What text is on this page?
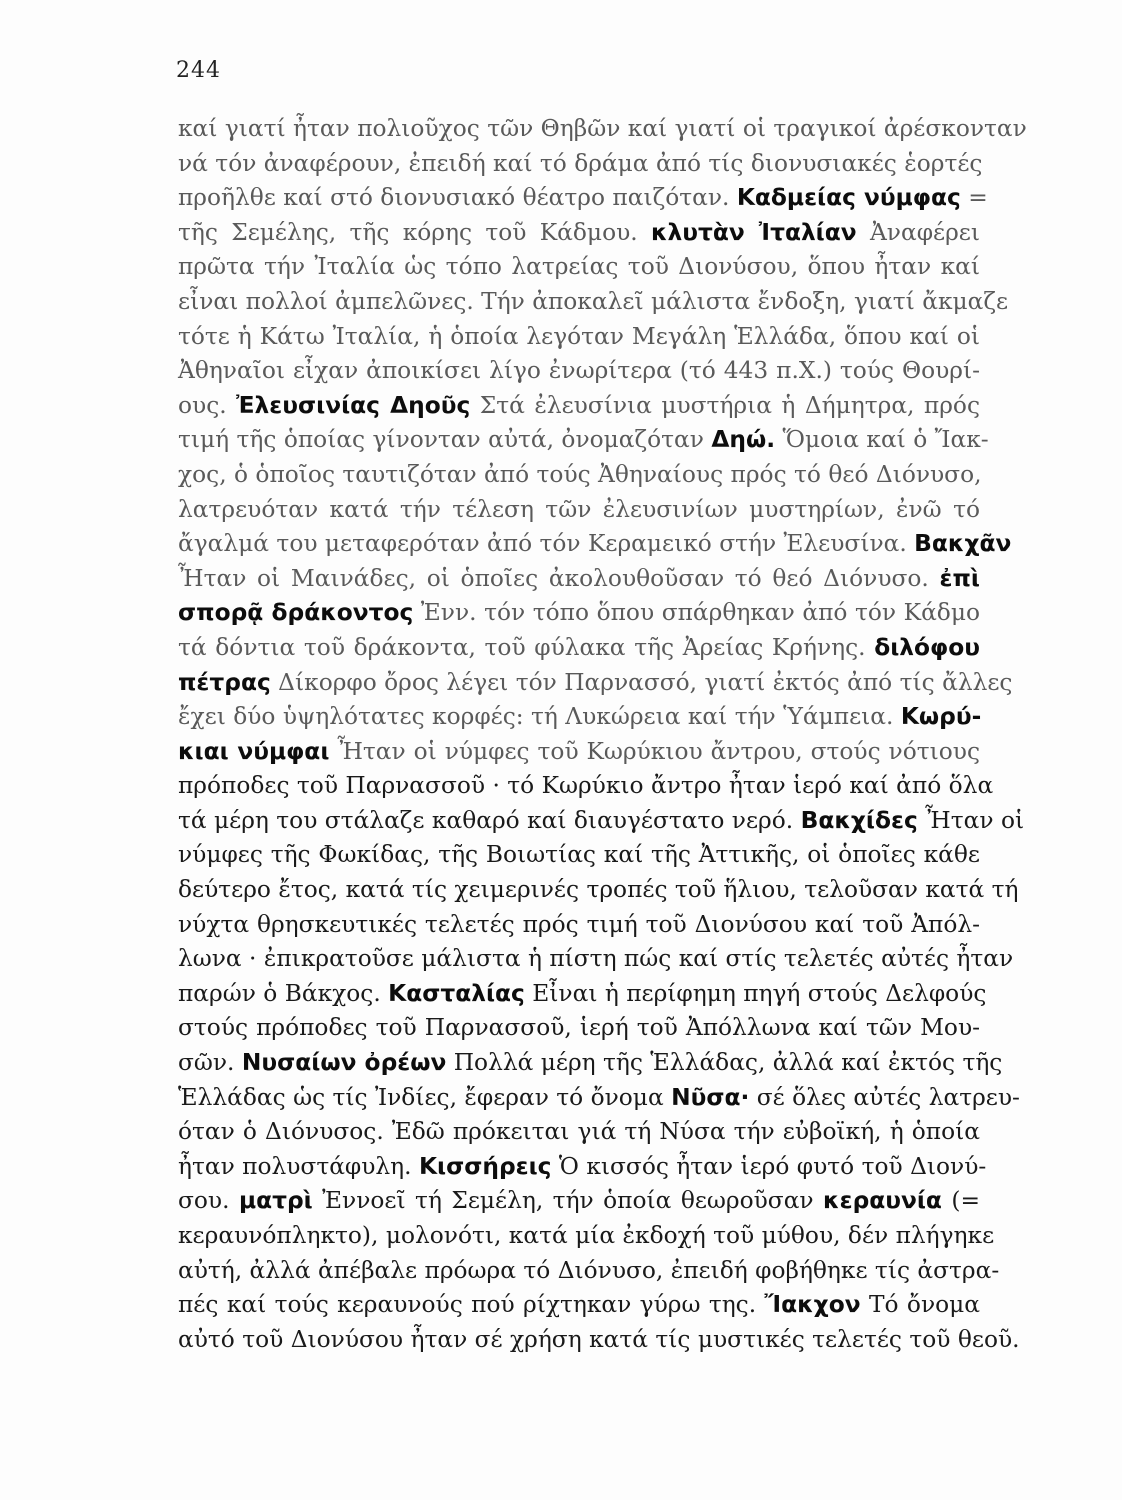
244
καί γιατί ἦταν πολιοῦχος τῶν Θηβῶν καί γιατί οἱ τραγικοί ἀρέσκονταν
νά τόν ἀναφέρουν, ἐπειδή καί τό δράμα ἀπό τίς διονυσιακές ἑορτές
προῆλθε καί στό διονυσιακό θέατρο παιζόταν. Καδμείας νύμφας =
τῆς Σεμέλης, τῆς κόρης τοῦ Κάδμου. κλυτὰν Ἰταλίαν Ἀναφέρει
πρῶτα τήν Ἰταλία ὡς τόπο λατρείας τοῦ Διονύσου, ὅπου ἦταν καί
εἶναι πολλοί ἀμπελῶνες. Τήν ἀποκαλεῖ μάλιστα ἔνδοξη, γιατί ἄκμαζε
τότε ἡ Κάτω Ἰταλία, ἡ ὁποία λεγόταν Μεγάλη Ἑλλάδα, ὅπου καί οἱ
Ἀθηναῖοι εἶχαν ἀποικίσει λίγο ἐνωρίτερα (τό 443 π.Χ.) τούς Θουρί-
ους. Ἐλευσινίας Δηοῦς Στά ἐλευσίνια μυστήρια ἡ Δήμητρα, πρός
τιμή τῆς ὁποίας γίνονταν αὐτά, ὀνομαζόταν Δηώ. Ὅμοια καί ὁ Ἴακ-
χος, ὁ ὁποῖος ταυτιζόταν ἀπό τούς Ἀθηναίους πρός τό θεό Διόνυσο,
λατρευόταν κατά τήν τέλεση τῶν ἐλευσινίων μυστηρίων, ἐνῶ τό
ἄγαλμά του μεταφερόταν ἀπό τόν Κεραμεικό στήν Ἐλευσίνα. Βακχᾶν
Ἦταν οἱ Μαινάδες, οἱ ὁποῖες ἀκολουθοῦσαν τό θεό Διόνυσο. ἐπὶ
σπορᾷ δράκοντος Ἐνν. τόν τόπο ὅπου σπάρθηκαν ἀπό τόν Κάδμο
τά δόντια τοῦ δράκοντα, τοῦ φύλακα τῆς Ἀρείας Κρήνης. διλόφου
πέτρας Δίκορφο ὄρος λέγει τόν Παρνασσό, γιατί ἐκτός ἀπό τίς ἄλλες
ἔχει δύο ὑψηλότατες κορφές: τή Λυκώρεια καί τήν Ὑάμπεια. Κωρύ-
κιαι νύμφαι Ἦταν οἱ νύμφες τοῦ Κωρύκιου ἄντρου, στούς νότιους
πρόποδες τοῦ Παρνασσοῦ · τό Κωρύκιο ἄντρο ἦταν ἱερό καί ἀπό ὅλα
τά μέρη του στάλαζε καθαρό καί διαυγέστατο νερό. Βακχίδες Ἦταν οἱ
νύμφες τῆς Φωκίδας, τῆς Βοιωτίας καί τῆς Ἀττικῆς, οἱ ὁποῖες κάθε
δεύτερο ἔτος, κατά τίς χειμερινές τροπές τοῦ ἥλιου, τελοῦσαν κατά τή
νύχτα θρησκευτικές τελετές πρός τιμή τοῦ Διονύσου καί τοῦ Ἀπόλ-
λωνα · ἐπικρατοῦσε μάλιστα ἡ πίστη πώς καί στίς τελετές αὐτές ἦταν
παρών ὁ Βάκχος. Κασταλίας Εἶναι ἡ περίφημη πηγή στούς Δελφούς
στούς πρόποδες τοῦ Παρνασσοῦ, ἱερή τοῦ Ἀπόλλωνα καί τῶν Μου-
σῶν. Νυσαίων ὀρέων Πολλά μέρη τῆς Ἑλλάδας, ἀλλά καί ἐκτός τῆς
Ἑλλάδας ὡς τίς Ἰνδίες, ἔφεραν τό ὄνομα Νῦσα· σέ ὅλες αὐτές λατρευ-
όταν ὁ Διόνυσος. Ἐδῶ πρόκειται γιά τή Νύσα τήν εὐβοϊκή, ἡ ὁποία
ἦταν πολυστάφυλη. Κισσήρεις Ὁ κισσός ἦταν ἱερό φυτό τοῦ Διονύ-
σου. ματρὶ Ἐννοεῖ τή Σεμέλη, τήν ὁποία θεωροῦσαν κεραυνία (=
κεραυνόπληκτο), μολονότι, κατά μία ἐκδοχή τοῦ μύθου, δέν πλήγηκε
αὐτή, ἀλλά ἀπέβαλε πρόωρα τό Διόνυσο, ἐπειδή φοβήθηκε τίς ἀστρα-
πές καί τούς κεραυνούς πού ρίχτηκαν γύρω της. Ἴακχον Τό ὄνομα
αὐτό τοῦ Διονύσου ἦταν σέ χρήση κατά τίς μυστικές τελετές τοῦ θεοῦ.
